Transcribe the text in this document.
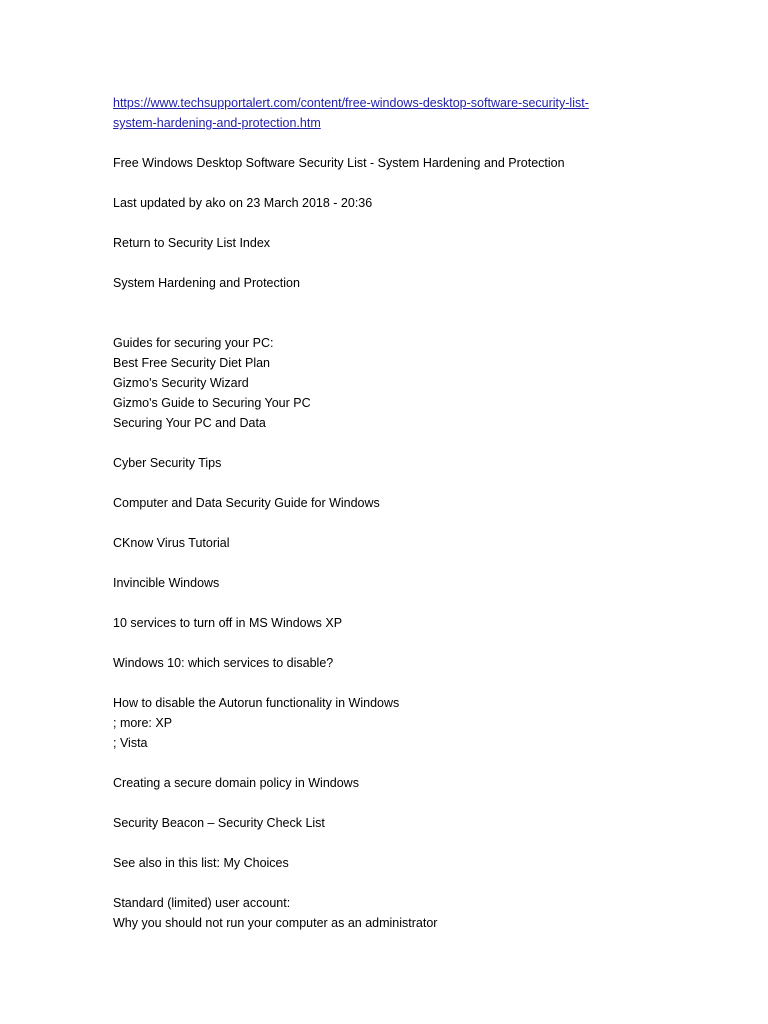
https://www.techsupportalert.com/content/free-windows-desktop-software-security-list-
system-hardening-and-protection.htm

Free Windows Desktop Software Security List - System Hardening and Protection

Last updated by ako on 23 March 2018 - 20:36

Return to Security List Index

System Hardening and Protection

Guides for securing your PC:
Best Free Security Diet Plan
Gizmo's Security Wizard
Gizmo's Guide to Securing Your PC
Securing Your PC and Data

Cyber Security Tips

Computer and Data Security Guide for Windows

CKnow Virus Tutorial

Invincible Windows

10 services to turn off in MS Windows XP

Windows 10: which services to disable?

How to disable the Autorun functionality in Windows
; more: XP
; Vista

Creating a secure domain policy in Windows

Security Beacon – Security Check List

See also in this list: My Choices

Standard (limited) user account:
Why you should not run your computer as an administrator
